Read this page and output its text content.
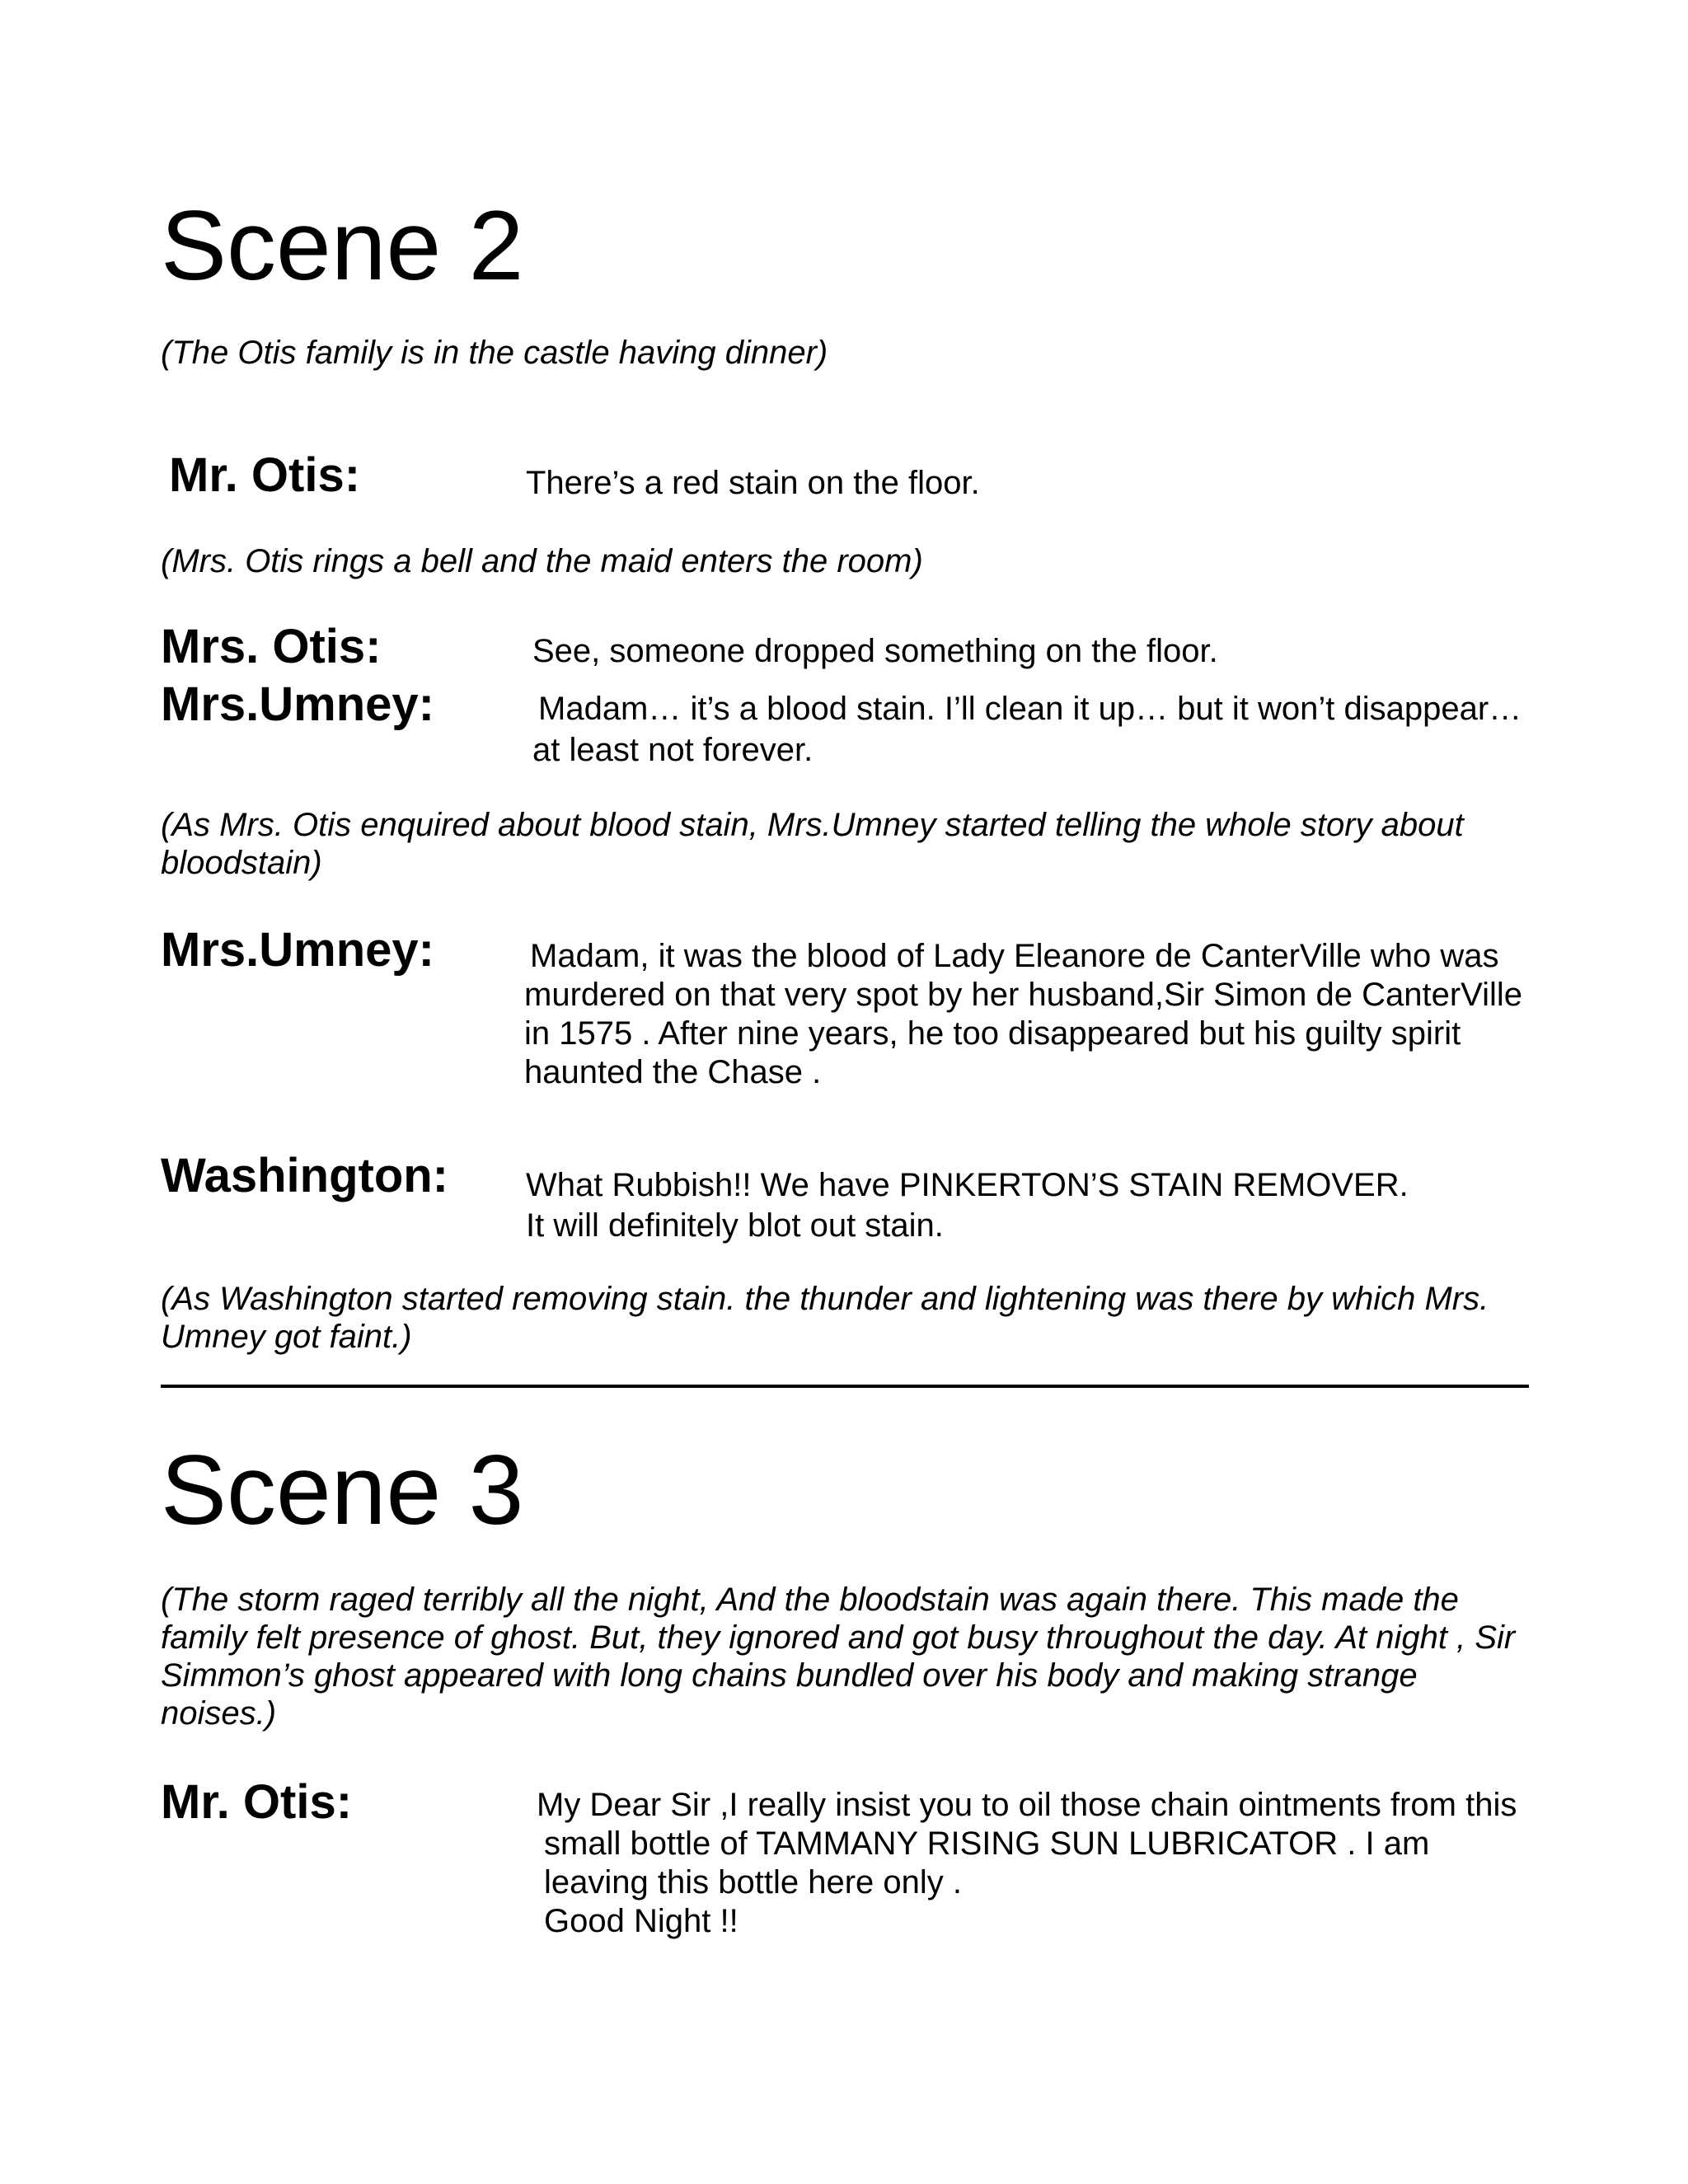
Scene 2
(The Otis family is in the castle having dinner)
Mr. Otis:	There’s a red stain on the floor.
(Mrs. Otis rings a bell and the maid enters the room)
Mrs. Otis:	See, someone dropped something on the floor.
Mrs.Umney:	Madam… it’s a blood stain. I’ll clean it up… but it won’t disappear…
at least not forever.
(As Mrs. Otis enquired about blood stain, Mrs.Umney started telling the whole story about
bloodstain)
Mrs.Umney:	Madam, it was the blood of Lady Eleanore de CanterVille who was
murdered on that very spot by her husband,Sir Simon de CanterVille
in 1575 . After nine years, he too disappeared but his guilty spirit
haunted the Chase .
Washington: What Rubbish!! We have PINKERTON’S STAIN REMOVER.
It will definitely blot out stain.
(As Washington started removing stain. the thunder and lightening was there by which Mrs.
Umney got faint.)
Scene 3
(The storm raged terribly all the night, And the bloodstain was again there. This made the
family felt presence of ghost. But, they ignored and got busy throughout the day. At night , Sir
Simmon’s ghost appeared with long chains bundled over his body and making strange
noises.)
Mr. Otis:	My Dear Sir ,I really insist you to oil those chain ointments from this
small bottle of TAMMANY RISING SUN LUBRICATOR . I am
leaving this bottle here only .
Good Night !!
